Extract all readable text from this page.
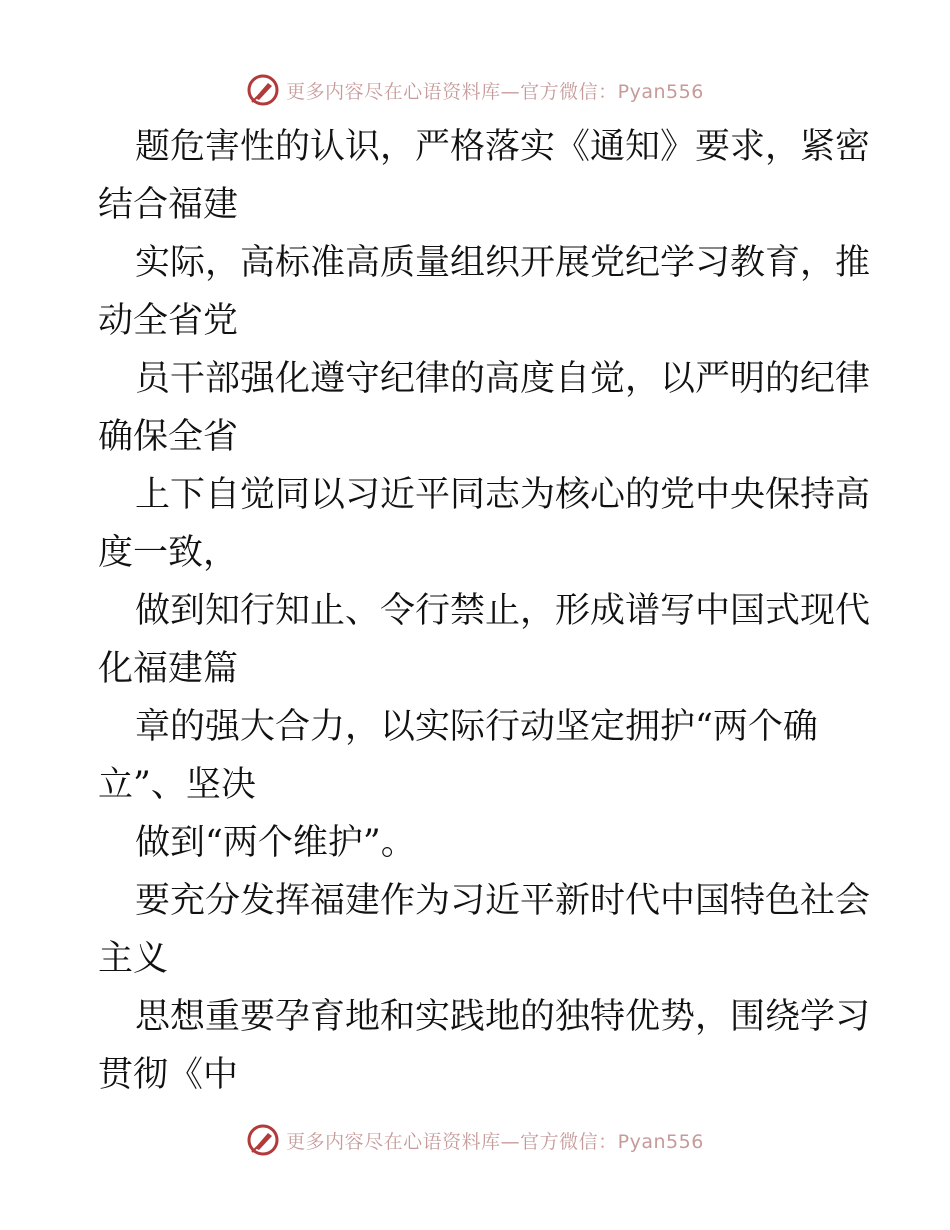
更多内容尽在心语资料库—官方微信：Pyan556

题危害性的认识，严格落实《通知》要求，紧密

结合福建

实际，高标准高质量组织开展党纪学习教育，推

动全省党

员干部强化遵守纪律的高度自觉，以严明的纪律

确保全省

上下自觉同以习近平同志为核心的党中央保持高

度一致，

做到知行知止、令行禁止，形成谱写中国式现代

化福建篇

章的强大合力，以实际行动坚定拥护“两个确

立”、坚决

做到“两个维护”。

要充分发挥福建作为习近平新时代中国特色社会

主义

思想重要孕育地和实践地的独特优势，围绕学习

贯彻《中

更多内容尽在心语资料库—官方微信：Pyan556
